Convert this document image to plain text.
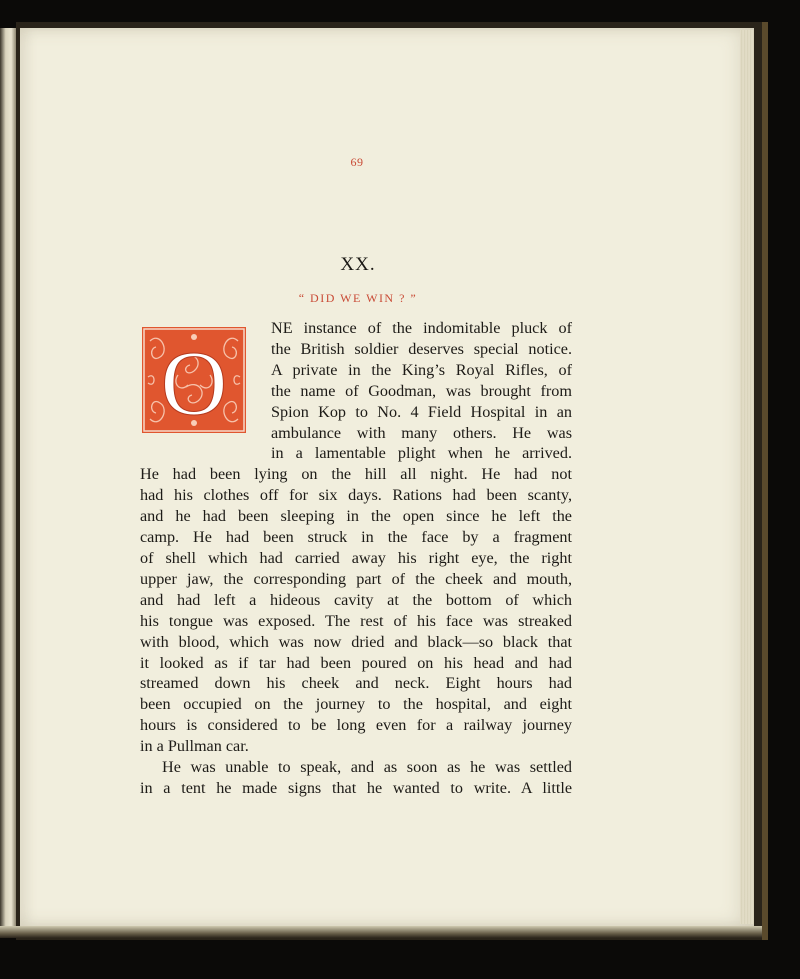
69
XX.
“ DID WE WIN ? ”
O
NE instance of the indomitable pluck of
the British soldier deserves special notice.
A private in the King’s Royal Rifles, of
the name of Goodman, was brought from
Spion Kop to No. 4 Field Hospital in an
ambulance with many others. He was
in a lamentable plight when he arrived.
He had been lying on the hill all night. He had not
had his clothes off for six days. Rations had been scanty,
and he had been sleeping in the open since he left the
camp. He had been struck in the face by a fragment
of shell which had carried away his right eye, the right
upper jaw, the corresponding part of the cheek and mouth,
and had left a hideous cavity at the bottom of which
his tongue was exposed. The rest of his face was streaked
with blood, which was now dried and black—so black that
it looked as if tar had been poured on his head and had
streamed down his cheek and neck. Eight hours had
been occupied on the journey to the hospital, and eight
hours is considered to be long even for a railway journey
in a Pullman car.
He was unable to speak, and as soon as he was settled
in a tent he made signs that he wanted to write. A little
